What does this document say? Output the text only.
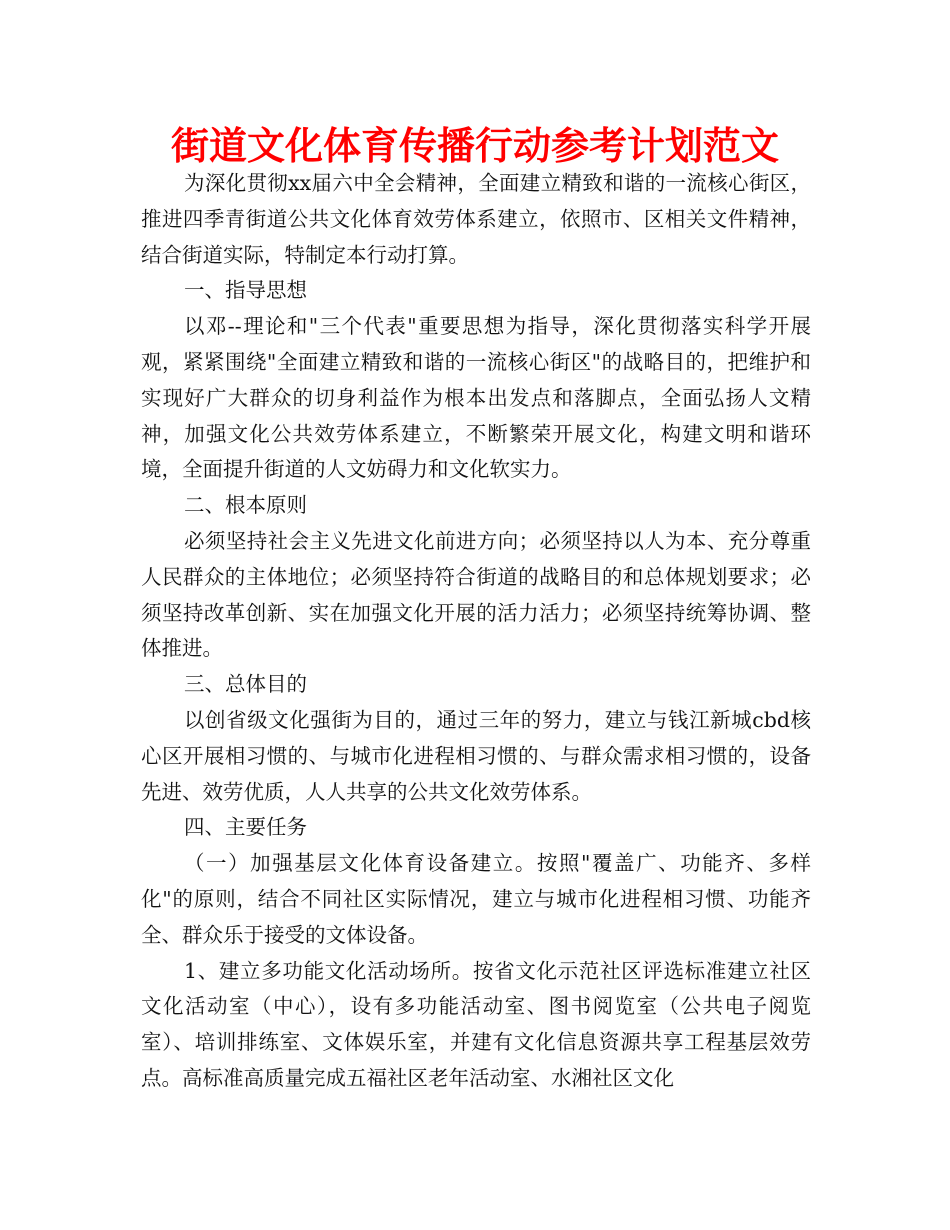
街道文化体育传播行动参考计划范文

为深化贯彻xx届六中全会精神，全面建立精致和谐的一流核心街区，推进四季青街道公共文化体育效劳体系建立，依照市、区相关文件精神，结合街道实际，特制定本行动打算。

一、指导思想

以邓--理论和"三个代表"重要思想为指导，深化贯彻落实科学开展观，紧紧围绕"全面建立精致和谐的一流核心街区"的战略目的，把维护和实现好广大群众的切身利益作为根本出发点和落脚点，全面弘扬人文精神，加强文化公共效劳体系建立，不断繁荣开展文化，构建文明和谐环境，全面提升街道的人文妨碍力和文化软实力。

二、根本原则

必须坚持社会主义先进文化前进方向；必须坚持以人为本、充分尊重人民群众的主体地位；必须坚持符合街道的战略目的和总体规划要求；必须坚持改革创新、实在加强文化开展的活力活力；必须坚持统筹协调、整体推进。

三、总体目的

以创省级文化强街为目的，通过三年的努力，建立与钱江新城cbd核心区开展相习惯的、与城市化进程相习惯的、与群众需求相习惯的，设备先进、效劳优质，人人共享的公共文化效劳体系。

四、主要任务

（一）加强基层文化体育设备建立。按照"覆盖广、功能齐、多样化"的原则，结合不同社区实际情况，建立与城市化进程相习惯、功能齐全、群众乐于接受的文体设备。

1、建立多功能文化活动场所。按省文化示范社区评选标准建立社区文化活动室（中心），设有多功能活动室、图书阅览室（公共电子阅览室）、培训排练室、文体娱乐室，并建有文化信息资源共享工程基层效劳点。高标准高质量完成五福社区老年活动室、水湘社区文化
